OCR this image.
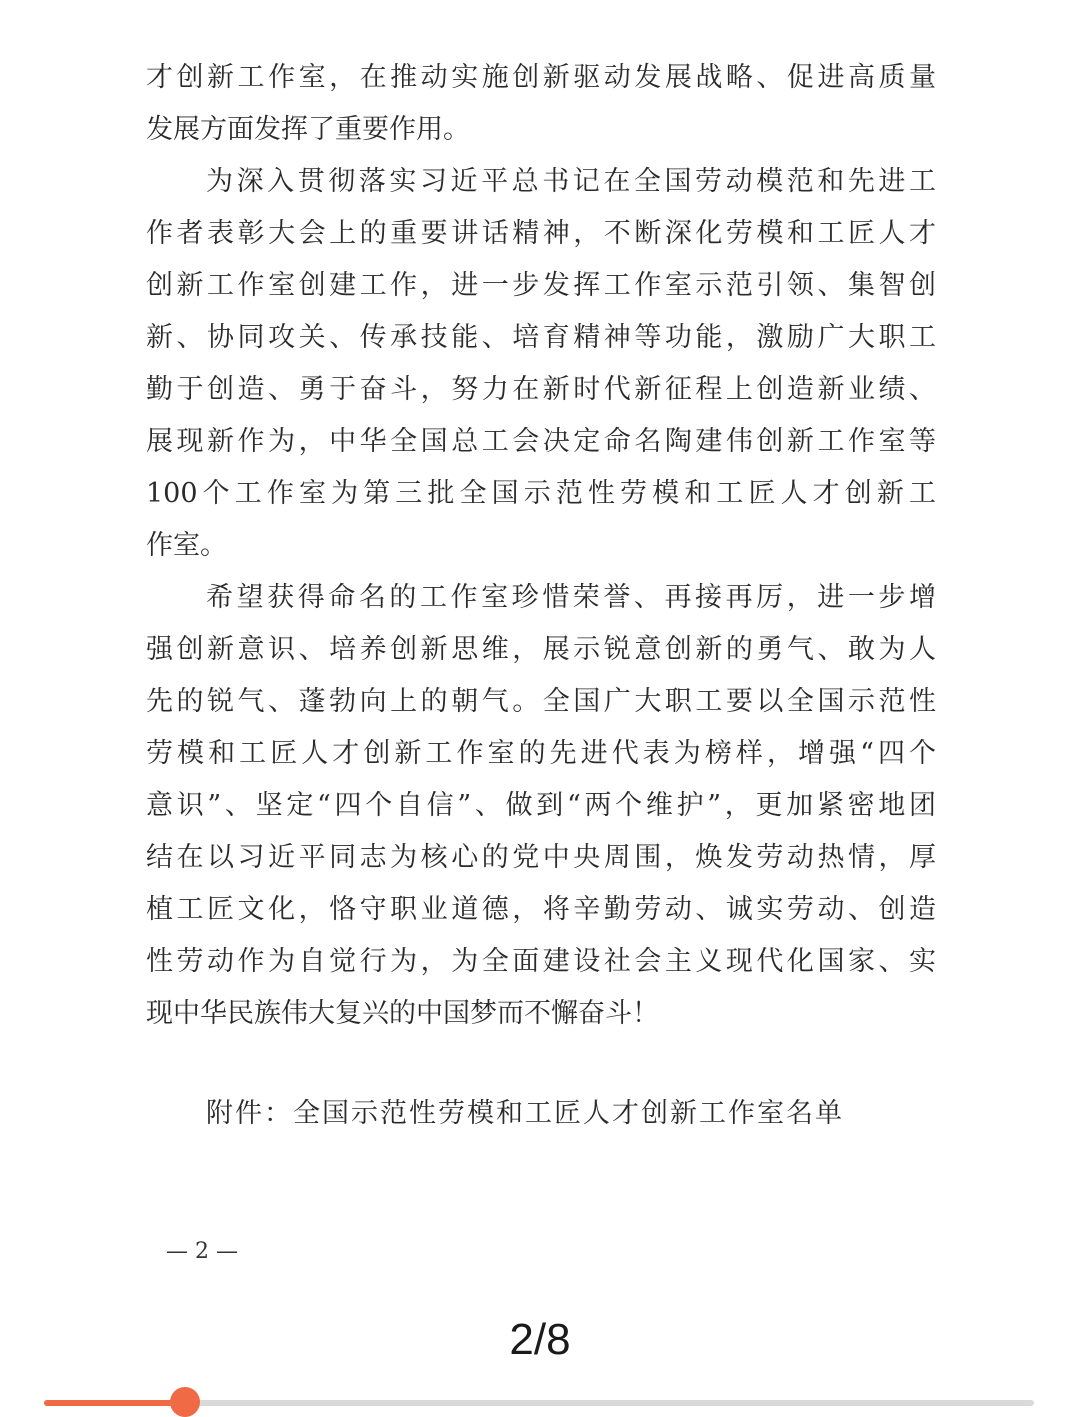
才创新工作室，在推动实施创新驱动发展战略、促进高质量
发展方面发挥了重要作用。
为深入贯彻落实习近平总书记在全国劳动模范和先进工
作者表彰大会上的重要讲话精神，不断深化劳模和工匠人才
创新工作室创建工作，进一步发挥工作室示范引领、集智创
新、协同攻关、传承技能、培育精神等功能，激励广大职工
勤于创造、勇于奋斗，努力在新时代新征程上创造新业绩、
展现新作为，中华全国总工会决定命名陶建伟创新工作室等
100个工作室为第三批全国示范性劳模和工匠人才创新工
作室。
希望获得命名的工作室珍惜荣誉、再接再厉，进一步增
强创新意识、培养创新思维，展示锐意创新的勇气、敢为人
先的锐气、蓬勃向上的朝气。全国广大职工要以全国示范性
劳模和工匠人才创新工作室的先进代表为榜样，增强“四个
意识”、坚定“四个自信”、做到“两个维护”，更加紧密地团
结在以习近平同志为核心的党中央周围，焕发劳动热情，厚
植工匠文化，恪守职业道德，将辛勤劳动、诚实劳动、创造
性劳动作为自觉行为，为全面建设社会主义现代化国家、实
现中华民族伟大复兴的中国梦而不懈奋斗！
附件：全国示范性劳模和工匠人才创新工作室名单
— 2 —
2/8
